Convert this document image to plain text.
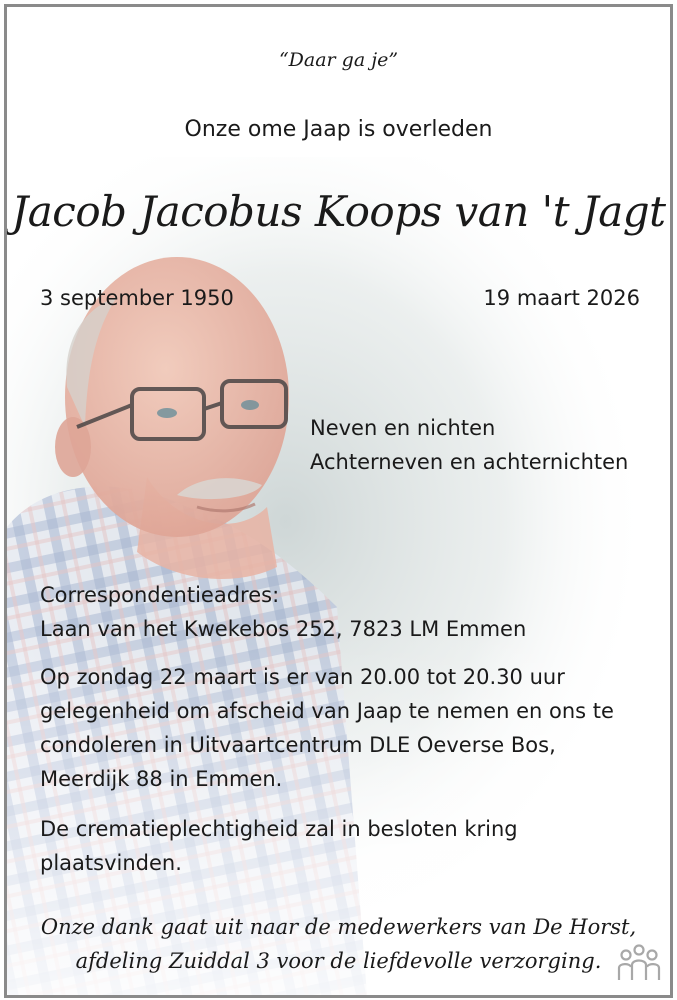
“Daar ga je”
Onze ome Jaap is overleden
Jacob Jacobus Koops van 't Jagt
3 september 1950	19 maart 2026
Neven en nichten
Achterneven en achternichten
Correspondentieadres:
Laan van het Kwekebos 252, 7823 LM Emmen
Op zondag 22 maart is er van 20.00 tot 20.30 uur
gelegenheid om afscheid van Jaap te nemen en ons te
condoleren in Uitvaartcentrum DLE Oeverse Bos,
Meerdijk 88 in Emmen.
De crematieplechtigheid zal in besloten kring
plaatsvinden.
Onze dank gaat uit naar de medewerkers van De Horst,
afdeling Zuiddal 3 voor de liefdevolle verzorging.
